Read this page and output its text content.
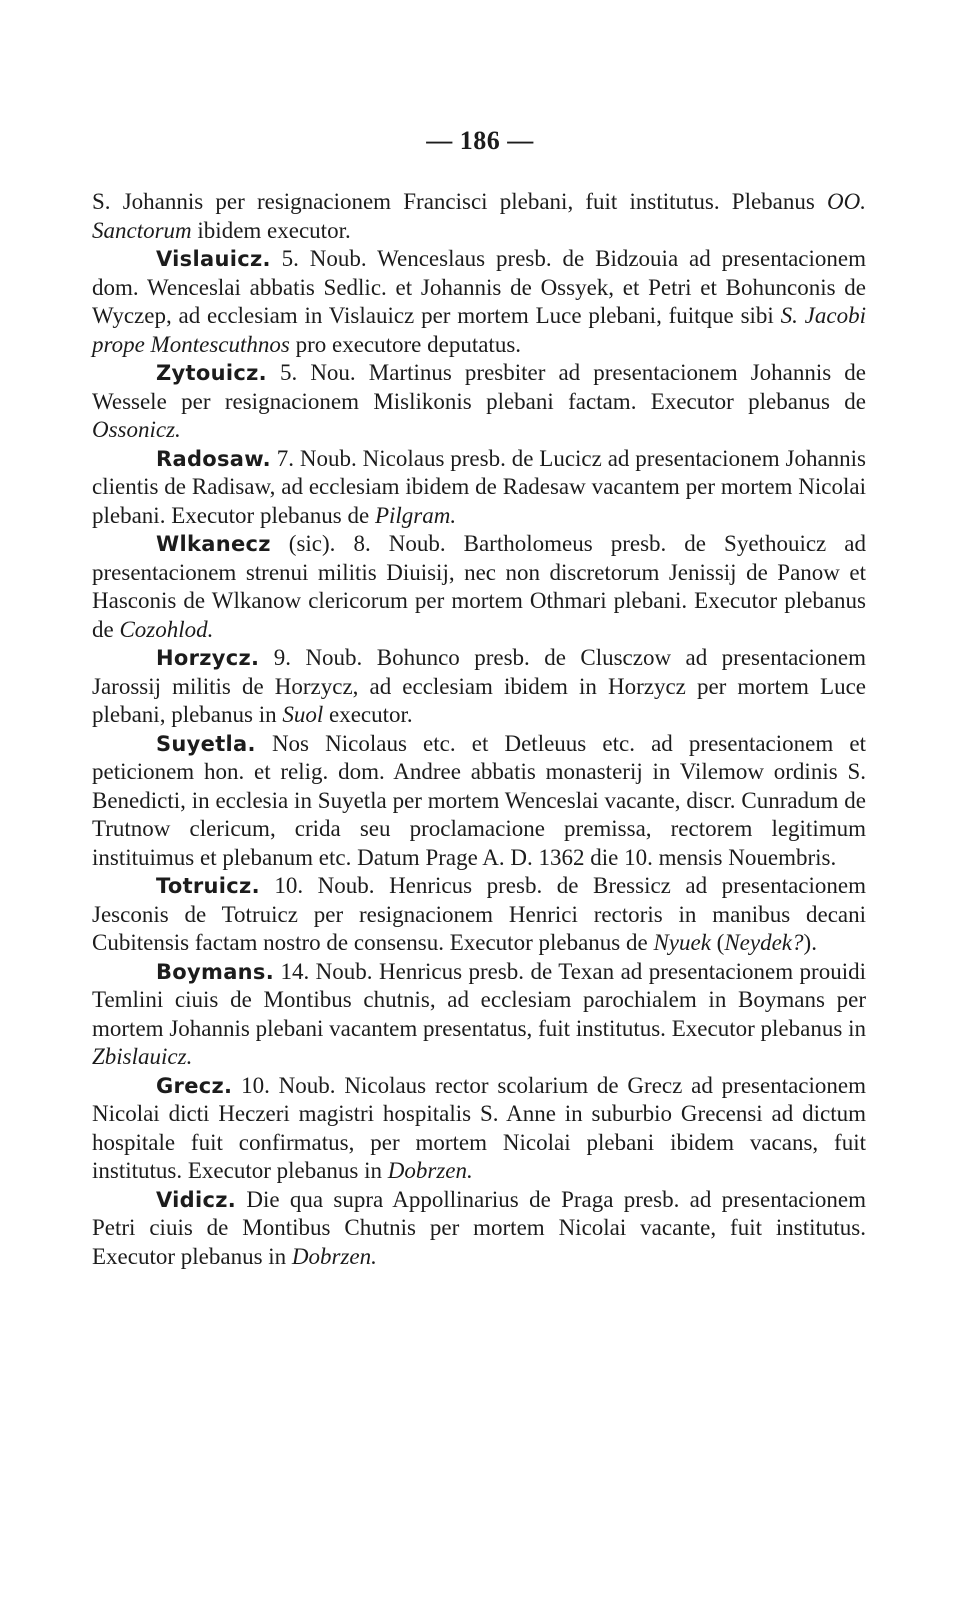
— 186 —

S. Johannis per resignacionem Francisci plebani, fuit institutus. Plebanus OO. Sanctorum ibidem executor.

Vislauicz. 5. Noub. Wenceslaus presb. de Bidzouia ad presentacionem dom. Wenceslai abbatis Sedlic. et Johannis de Ossyek, et Petri et Bohunconis de Wyczep, ad ecclesiam in Vislauicz per mortem Luce plebani, fuitque sibi S. Jacobi prope Montescuthnos pro executore deputatus.

Zytouicz. 5. Nou. Martinus presbiter ad presentacionem Johannis de Wessele per resignacionem Mislikonis plebani factam. Executor plebanus de Ossonicz.

Radosaw. 7. Noub. Nicolaus presb. de Lucicz ad presentacionem Johannis clientis de Radisaw, ad ecclesiam ibidem de Radesaw vacantem per mortem Nicolai plebani. Executor plebanus de Pilgram.

Wlkanecz (sic). 8. Noub. Bartholomeus presb. de Syethouicz ad presentacionem strenui militis Diuisij, nec non discretorum Jenissij de Panow et Hasconis de Wlkanow clericorum per mortem Othmari plebani. Executor plebanus de Cozohlod.

Horzycz. 9. Noub. Bohunco presb. de Clusczow ad presentacionem Jarossij militis de Horzycz, ad ecclesiam ibidem in Horzycz per mortem Luce plebani, plebanus in Suol executor.

Suyetla. Nos Nicolaus etc. et Detleuus etc. ad presentacionem et peticionem hon. et relig. dom. Andree abbatis monasterij in Vilemow ordinis S. Benedicti, in ecclesia in Suyetla per mortem Wenceslai vacante, discr. Cunradum de Trutnow clericum, crida seu proclamacione premissa, rectorem legitimum instituimus et plebanum etc. Datum Prage A. D. 1362 die 10. mensis Nouembris.

Totruicz. 10. Noub. Henricus presb. de Bressicz ad presentacionem Jesconis de Totruicz per resignacionem Henrici rectoris in manibus decani Cubitensis factam nostro de consensu. Executor plebanus de Nyuek (Neydek?).

Boymans. 14. Noub. Henricus presb. de Texan ad presentacionem prouidi Temlini ciuis de Montibus chutnis, ad ecclesiam parochialem in Boymans per mortem Johannis plebani vacantem presentatus, fuit institutus. Executor plebanus in Zbislauicz.

Grecz. 10. Noub. Nicolaus rector scolarium de Grecz ad presentacionem Nicolai dicti Heczeri magistri hospitalis S. Anne in suburbio Grecensi ad dictum hospitale fuit confirmatus, per mortem Nicolai plebani ibidem vacans, fuit institutus. Executor plebanus in Dobrzen.

Vidicz. Die qua supra Appollinarius de Praga presb. ad presentacionem Petri ciuis de Montibus Chutnis per mortem Nicolai vacante, fuit institutus. Executor plebanus in Dobrzen.
